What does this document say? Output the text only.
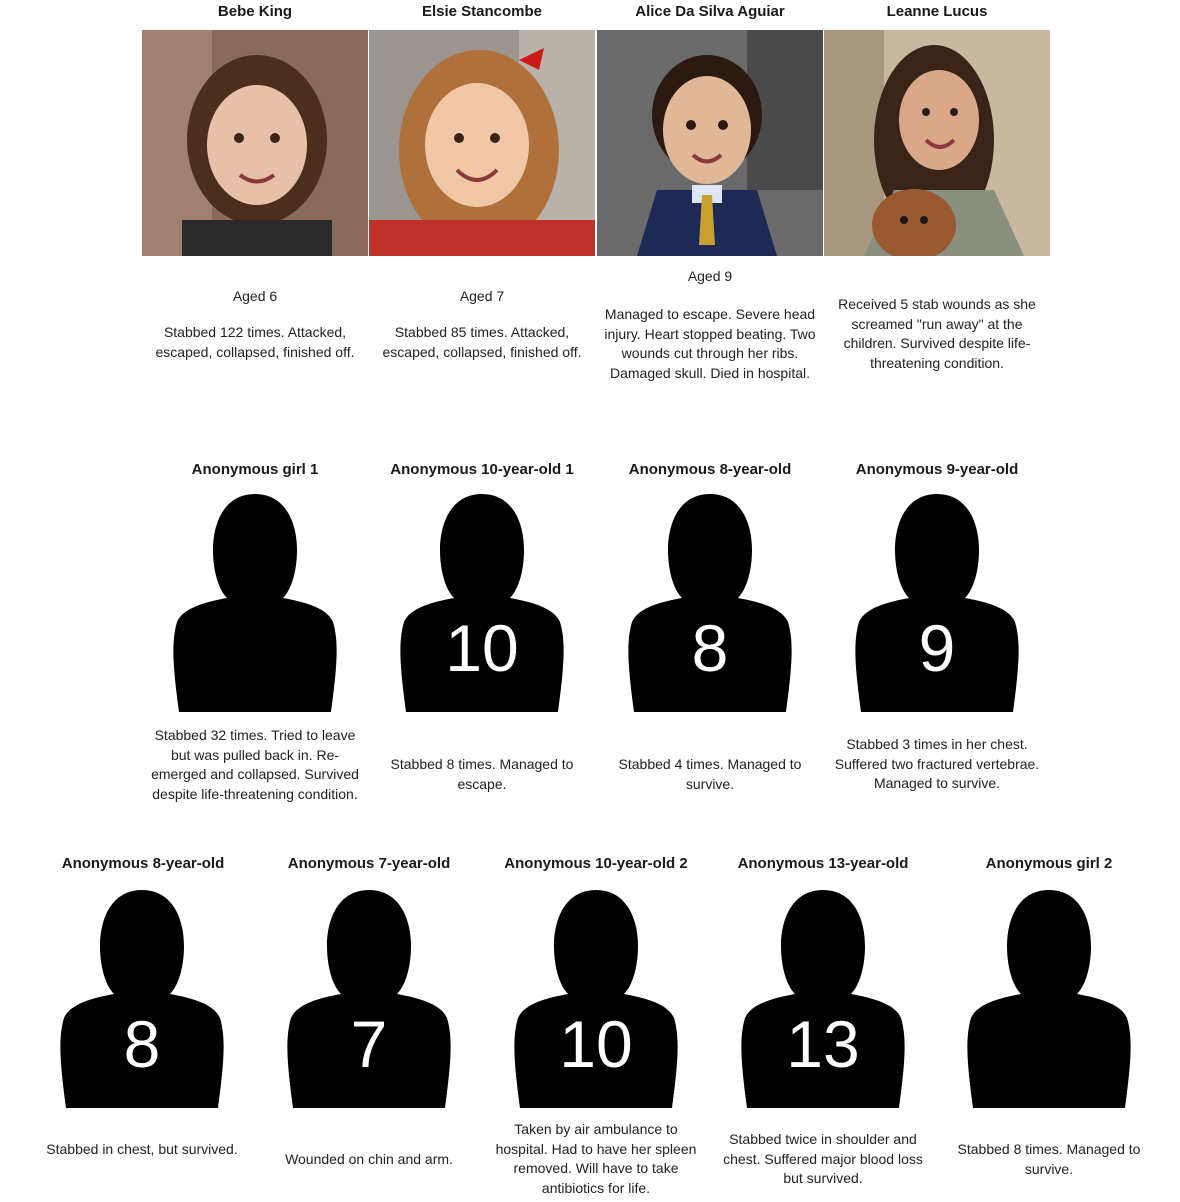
Bebe King
Aged 6
Stabbed 122 times. Attacked, escaped, collapsed, finished off.
Elsie Stancombe
Aged 7
Stabbed 85 times. Attacked, escaped, collapsed, finished off.
Alice Da Silva Aguiar
Aged 9
Managed to escape. Severe head injury. Heart stopped beating. Two wounds cut through her ribs. Damaged skull. Died in hospital.
Leanne Lucus
Received 5 stab wounds as she screamed "run away" at the children. Survived despite life-threatening condition.
Anonymous girl 1
Stabbed 32 times. Tried to leave but was pulled back in. Re-emerged and collapsed. Survived despite life-threatening condition.
Anonymous 10-year-old 1
10
Stabbed 8 times. Managed to escape.
Anonymous 8-year-old
8
Stabbed 4 times. Managed to survive.
Anonymous 9-year-old
9
Stabbed 3 times in her chest. Suffered two fractured vertebrae. Managed to survive.
Anonymous 8-year-old
8
Stabbed in chest, but survived.
Anonymous 7-year-old
7
Wounded on chin and arm.
Anonymous 10-year-old 2
10
Taken by air ambulance to hospital. Had to have her spleen removed. Will have to take antibiotics for life.
Anonymous 13-year-old
13
Stabbed twice in shoulder and chest. Suffered major blood loss but survived.
Anonymous girl 2
Stabbed 8 times. Managed to survive.
